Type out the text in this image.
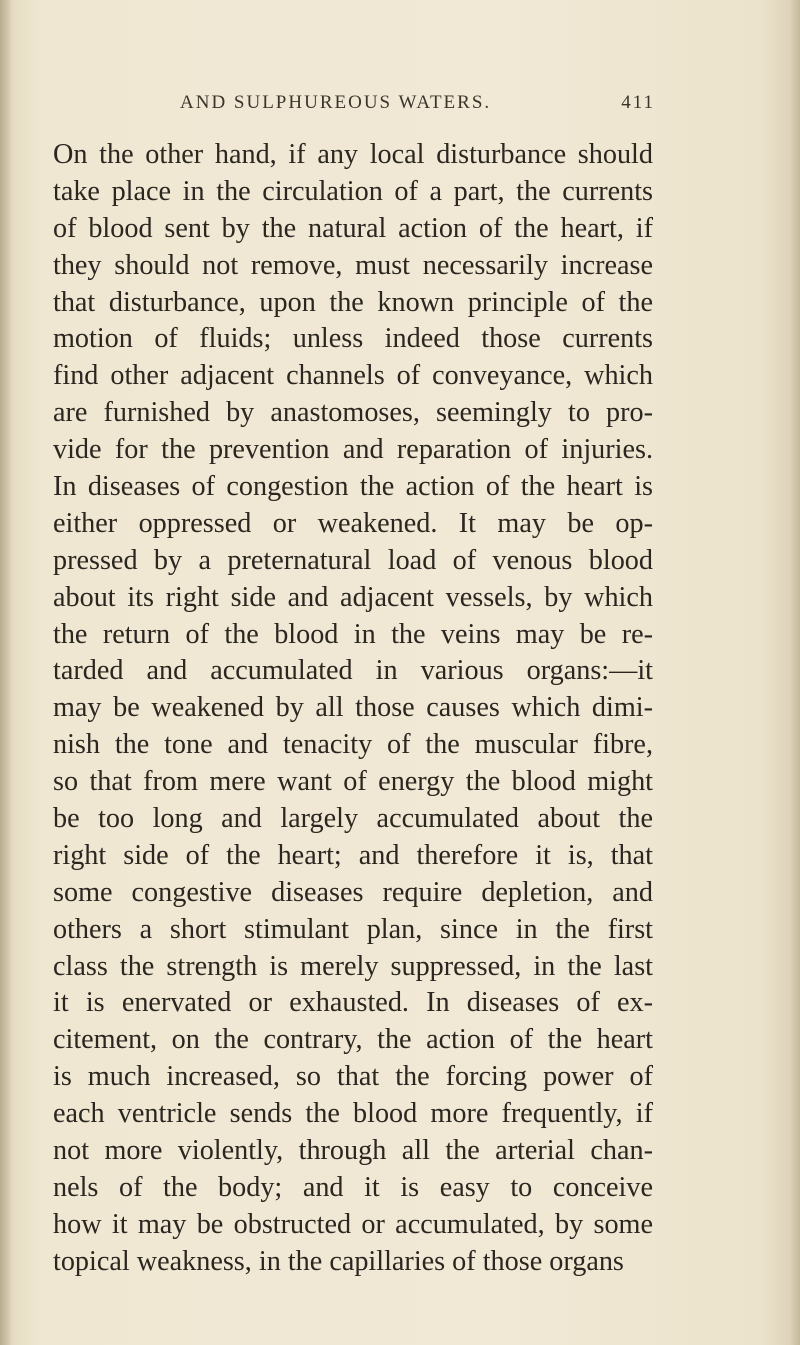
AND SULPHUREOUS WATERS.	411
On the other hand, if any local disturbance should
take place in the circulation of a part, the currents
of blood sent by the natural action of the heart, if
they should not remove, must necessarily increase
that disturbance, upon the known principle of the
motion of fluids; unless indeed those currents
find other adjacent channels of conveyance, which
are furnished by anastomoses, seemingly to pro-
vide for the prevention and reparation of injuries.
In diseases of congestion the action of the heart is
either oppressed or weakened. It may be op-
pressed by a preternatural load of venous blood
about its right side and adjacent vessels, by which
the return of the blood in the veins may be re-
tarded and accumulated in various organs:—it
may be weakened by all those causes which dimi-
nish the tone and tenacity of the muscular fibre,
so that from mere want of energy the blood might
be too long and largely accumulated about the
right side of the heart; and therefore it is, that
some congestive diseases require depletion, and
others a short stimulant plan, since in the first
class the strength is merely suppressed, in the last
it is enervated or exhausted. In diseases of ex-
citement, on the contrary, the action of the heart
is much increased, so that the forcing power of
each ventricle sends the blood more frequently, if
not more violently, through all the arterial chan-
nels of the body; and it is easy to conceive
how it may be obstructed or accumulated, by some
topical weakness, in the capillaries of those organs
